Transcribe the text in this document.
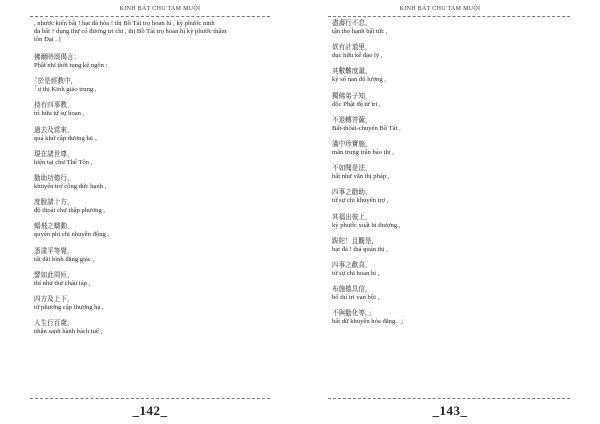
KINH BÁT CHU TAM MUỘI

, nhược kiến bất ! bạt đà hòa ! thị Bồ Tát trọ hoan hỉ , kỳ phước ninh

đa bất ? dụng thử cổ đương tri chi , thị Bồ Tát trọ hoan hỉ kỳ phước thậm

tôn Đại . ]

佛爾時頌偈言：
Phật nhĩ thời tụng kệ ngôn :
「於是經教中，
「ư thị Kinh giáo trung ,
持有四事教，
trì hữu tứ sự hoan ,
過去及當來，
quá khứ cập đương lai 、
現在諸世尊，
hiện tại chư Thế Tôn ,
勸助功德行，
khuyến trợ công đức hạnh ,
度脫諸十方，
độ thoát chư thập phương ,
蜎飛之蠕動，
quyên phi chi nhuyễn động ,
悉逮平等覺，
tất đãi bình đẳng giác ,
譬如此周匝，
thí như thử châu táp ,
四方及上下，
tứ phương cập thượng hạ ,
人生行百歲，
nhân sanh hành bách tuế ,
_142_
KINH BÁT CHU TAM MUỘI
盡壽行不息，
tận thọ hạnh bất tức ,
欲有計道里，
dục hữu kế đạo lý ,
其數難度量，
kỳ số nan độ lượng ,
獨佛弟子知，
độc Phật đệ tử tri ,
不退轉菩薩，
Bất-thoái-chuyển Bồ Tát ,
滿中珍寶施，
mãn trung trân bảo thí ,
不如聞是法，
bất như văn thị pháp ,
四事之勸助，
tứ sự chi khuyến trợ ,
其福出彼上，
kỳ phước xuất bỉ thượng ,
跋陀！且觀是，
bạt đà ! thả quán thị ,
四事之歡喜，
tứ sự chi hoan hỉ ,
布施德具信，
bố thí tri vạn bội ,
不與勸化等。」
bất dữ khuyến hóa đẳng . 」
_143_
